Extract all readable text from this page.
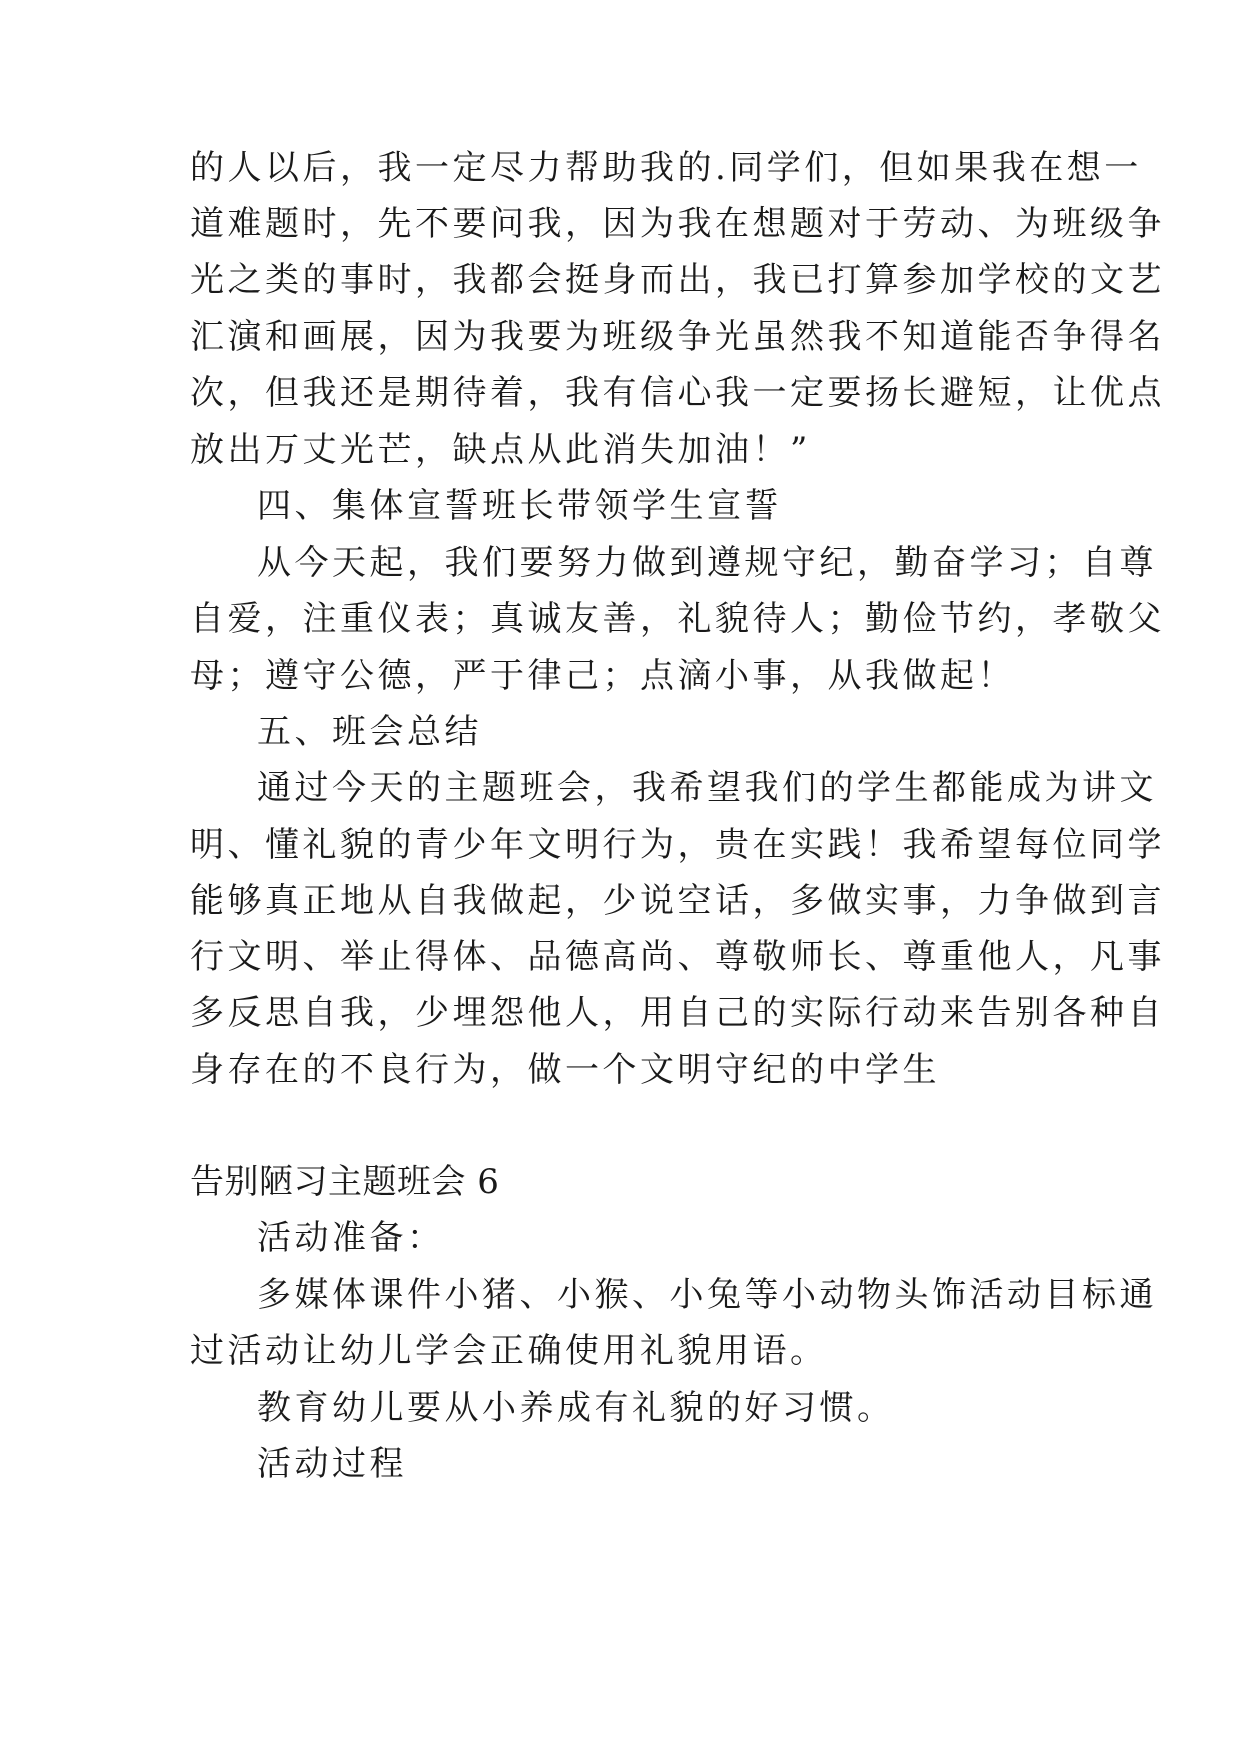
的人以后，我一定尽力帮助我的.同学们，但如果我在想一
道难题时，先不要问我，因为我在想题对于劳动、为班级争
光之类的事时，我都会挺身而出，我已打算参加学校的文艺
汇演和画展，因为我要为班级争光虽然我不知道能否争得名
次，但我还是期待着，我有信心我一定要扬长避短，让优点
放出万丈光芒，缺点从此消失加油！”
四、集体宣誓班长带领学生宣誓
从今天起，我们要努力做到遵规守纪，勤奋学习；自尊
自爱，注重仪表；真诚友善，礼貌待人；勤俭节约，孝敬父
母；遵守公德，严于律己；点滴小事，从我做起！
五、班会总结
通过今天的主题班会，我希望我们的学生都能成为讲文
明、懂礼貌的青少年文明行为，贵在实践！我希望每位同学
能够真正地从自我做起，少说空话，多做实事，力争做到言
行文明、举止得体、品德高尚、尊敬师长、尊重他人，凡事
多反思自我，少埋怨他人，用自己的实际行动来告别各种自
身存在的不良行为，做一个文明守纪的中学生
告别陋习主题班会 6
活动准备：
多媒体课件小猪、小猴、小兔等小动物头饰活动目标通
过活动让幼儿学会正确使用礼貌用语。
教育幼儿要从小养成有礼貌的好习惯。
活动过程
